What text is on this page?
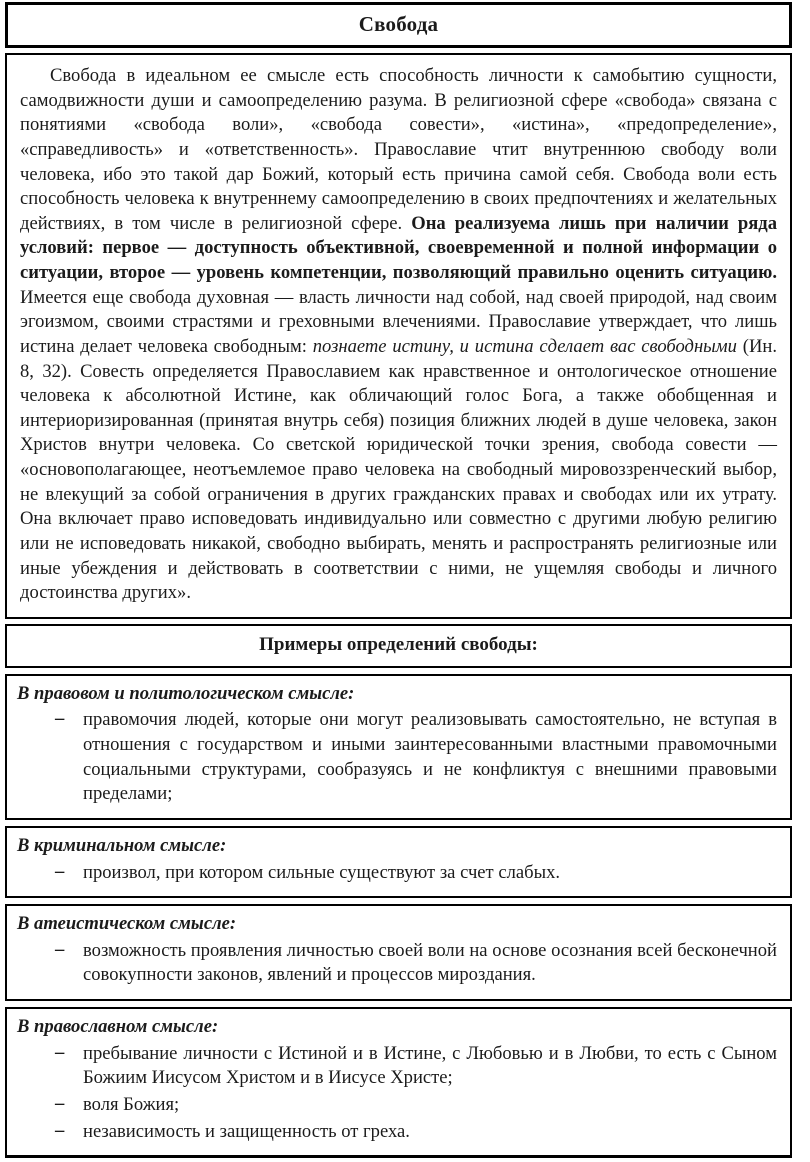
Свобода
Свобода в идеальном ее смысле есть способность личности к самобытию сущности, самодвижности души и самоопределению разума. В религиозной сфере «свобода» связана с понятиями «свобода воли», «свобода совести», «истина», «предопределение», «справедливость» и «ответственность». Православие чтит внутреннюю свободу воли человека, ибо это такой дар Божий, который есть причина самой себя. Свобода воли есть способность человека к внутреннему самоопределению в своих предпочтениях и желательных действиях, в том числе в религиозной сфере. Она реализуема лишь при наличии ряда условий: первое — доступность объективной, своевременной и полной информации о ситуации, второе — уровень компетенции, позволяющий правильно оценить ситуацию. Имеется еще свобода духовная — власть личности над собой, над своей природой, над своим эгоизмом, своими страстями и греховными влечениями. Православие утверждает, что лишь истина делает человека свободным: познаете истину, и истина сделает вас свободными (Ин. 8, 32). Совесть определяется Православием как нравственное и онтологическое отношение человека к абсолютной Истине, как обличающий голос Бога, а также обобщенная и интериоризированная (принятая внутрь себя) позиция ближних людей в душе человека, закон Христов внутри человека. Со светской юридической точки зрения, свобода совести — «основополагающее, неотъемлемое право человека на свободный мировоззренческий выбор, не влекущий за собой ограничения в других гражданских правах и свободах или их утрату. Она включает право исповедовать индивидуально или совместно с другими любую религию или не исповедовать никакой, свободно выбирать, менять и распространять религиозные или иные убеждения и действовать в соответствии с ними, не ущемляя свободы и личного достоинства других».
Примеры определений свободы:
В правовом и политологическом смысле:
– правомочия людей, которые они могут реализовывать самостоятельно, не вступая в отношения с государством и иными заинтересованными властными правомочными социальными структурами, сообразуясь и не конфликтуя с внешними правовыми пределами;
В криминальном смысле:
– произвол, при котором сильные существуют за счет слабых.
В атеистическом смысле:
– возможность проявления личностью своей воли на основе осознания всей бесконечной совокупности законов, явлений и процессов мироздания.
В православном смысле:
– пребывание личности с Истиной и в Истине, с Любовью и в Любви, то есть с Сыном Божиим Иисусом Христом и в Иисусе Христе;
– воля Божия;
– независимость и защищенность от греха.
